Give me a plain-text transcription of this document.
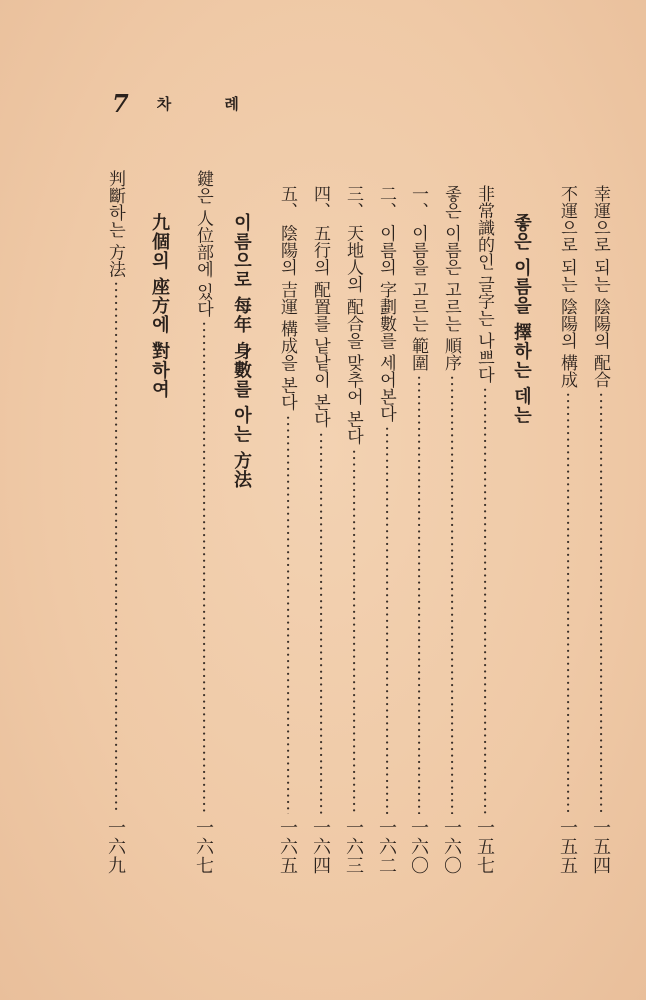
7 차 례
幸運으로 되는 陰陽의 配合
·····
一五四
不運으로 되는 陰陽의 構成
·····
一五五
좋은 이름을 擇하는 데는
非常識的인 글字는 나쁘다
·····
一五七
좋은 이름은 고르는 順序
·····
一六〇
一、 이름을 고르는 範圍
·····
一六〇
二、 이름의 字劃數를 세어본다
·····
一六二
三、 天地人의 配合을 맞추어 본다
·····
一六三
四、 五行의 配置를 낱낱이 본다
·····
一六四
五、 陰陽의 吉運 構成을 본다
·····
一六五
이름으로 每年 身數를 아는 方法
鍵은 人位部에 있다
·····
一六七
九個의 座方에 對하여
判斷하는 方法
·····
一六九
